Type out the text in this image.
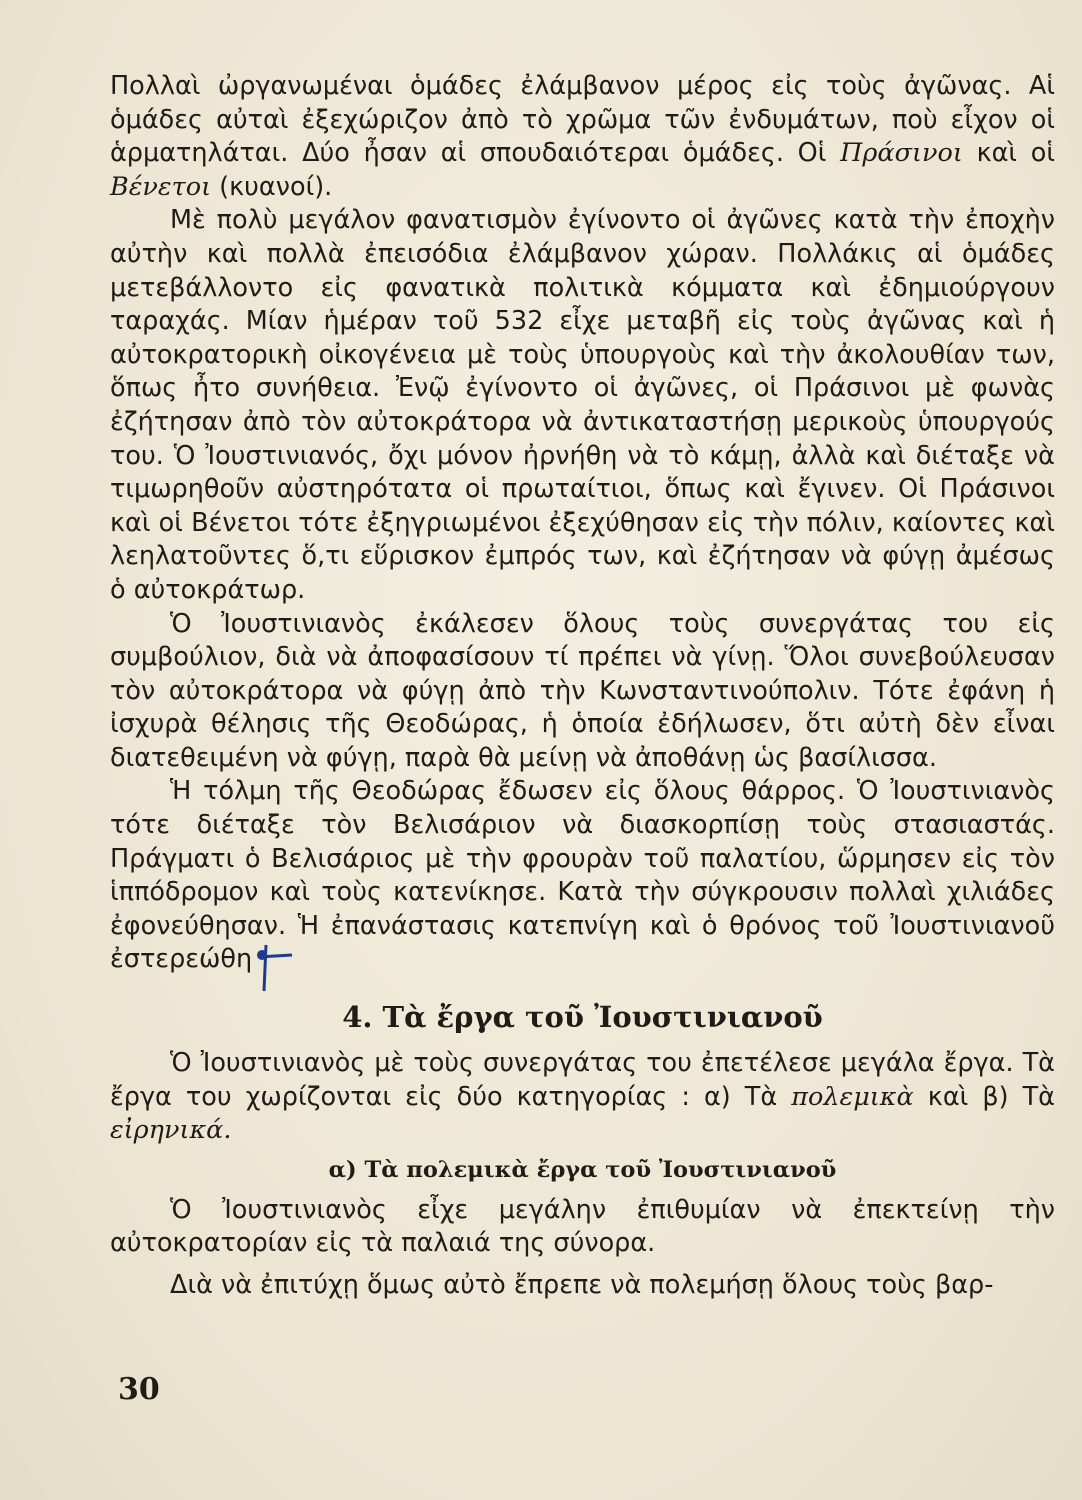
Πολλαὶ ὠργανωμέναι ὁμάδες ἐλάμβανον μέρος εἰς τοὺς ἀγῶνας. Αἱ ὁμάδες αὐταὶ ἐξεχώριζον ἀπὸ τὸ χρῶμα τῶν ἐνδυμάτων, ποὺ εἶχον οἱ ἁρματηλάται. Δύο ἦσαν αἱ σπουδαιότεραι ὁμάδες. Οἱ Πράσινοι καὶ οἱ Βένετοι (κυανοί).

Μὲ πολὺ μεγάλον φανατισμὸν ἐγίνοντο οἱ ἀγῶνες κατὰ τὴν ἐποχὴν αὐτὴν καὶ πολλὰ ἐπεισόδια ἐλάμβανον χώραν. Πολλάκις αἱ ὁμάδες μετεβάλλοντο εἰς φανατικὰ πολιτικὰ κόμματα καὶ ἐδημιούργουν ταραχάς. Μίαν ἡμέραν τοῦ 532 εἶχε μεταβῆ εἰς τοὺς ἀγῶνας καὶ ἡ αὐτοκρατορικὴ οἰκογένεια μὲ τοὺς ὑπουργοὺς καὶ τὴν ἀκολουθίαν των, ὅπως ἦτο συνήθεια. Ἐνῷ ἐγίνοντο οἱ ἀγῶνες, οἱ Πράσινοι μὲ φωνὰς ἐζήτησαν ἀπὸ τὸν αὐτοκράτορα νὰ ἀντικαταστήσῃ μερικοὺς ὑπουργούς του. Ὁ Ἰουστινιανός, ὄχι μόνον ἠρνήθη νὰ τὸ κάμῃ, ἀλλὰ καὶ διέταξε νὰ τιμωρηθοῦν αὐστηρότατα οἱ πρωταίτιοι, ὅπως καὶ ἔγινεν. Οἱ Πράσινοι καὶ οἱ Βένετοι τότε ἐξηγριωμένοι ἐξεχύθησαν εἰς τὴν πόλιν, καίοντες καὶ λεηλατοῦντες ὅ,τι εὕρισκον ἐμπρός των, καὶ ἐζήτησαν νὰ φύγῃ ἀμέσως ὁ αὐτοκράτωρ.

Ὁ Ἰουστινιανὸς ἐκάλεσεν ὅλους τοὺς συνεργάτας του εἰς συμβούλιον, διὰ νὰ ἀποφασίσουν τί πρέπει νὰ γίνῃ. Ὅλοι συνεβούλευσαν τὸν αὐτοκράτορα νὰ φύγῃ ἀπὸ τὴν Κωνσταντινούπολιν. Τότε ἐφάνη ἡ ἰσχυρὰ θέλησις τῆς Θεοδώρας, ἡ ὁποία ἐδήλωσεν, ὅτι αὐτὴ δὲν εἶναι διατεθειμένη νὰ φύγῃ, παρὰ θὰ μείνῃ νὰ ἀποθάνῃ ὡς βασίλισσα.

Ἡ τόλμη τῆς Θεοδώρας ἔδωσεν εἰς ὅλους θάρρος. Ὁ Ἰουστινιανὸς τότε διέταξε τὸν Βελισάριον νὰ διασκορπίσῃ τοὺς στασιαστάς. Πράγματι ὁ Βελισάριος μὲ τὴν φρουρὰν τοῦ παλατίου, ὥρμησεν εἰς τὸν ἱππόδρομον καὶ τοὺς κατενίκησε. Κατὰ τὴν σύγκρουσιν πολλαὶ χιλιάδες ἐφονεύθησαν. Ἡ ἐπανάστασις κατεπνίγη καὶ ὁ θρόνος τοῦ Ἰουστινιανοῦ ἐστερεώθη

4. Τὰ ἔργα τοῦ Ἰουστινιανοῦ

Ὁ Ἰουστινιανὸς μὲ τοὺς συνεργάτας του ἐπετέλεσε μεγάλα ἔργα. Τὰ ἔργα του χωρίζονται εἰς δύο κατηγορίας : α) Τὰ πολεμικὰ καὶ β) Τὰ εἰρηνικά.

α) Τὰ πολεμικὰ ἔργα τοῦ Ἰουστινιανοῦ

Ὁ Ἰουστινιανὸς εἶχε μεγάλην ἐπιθυμίαν νὰ ἐπεκτείνῃ τὴν αὐτοκρατορίαν εἰς τὰ παλαιά της σύνορα.

Διὰ νὰ ἐπιτύχῃ ὅμως αὐτὸ ἔπρεπε νὰ πολεμήσῃ ὅλους τοὺς βαρ-

30
